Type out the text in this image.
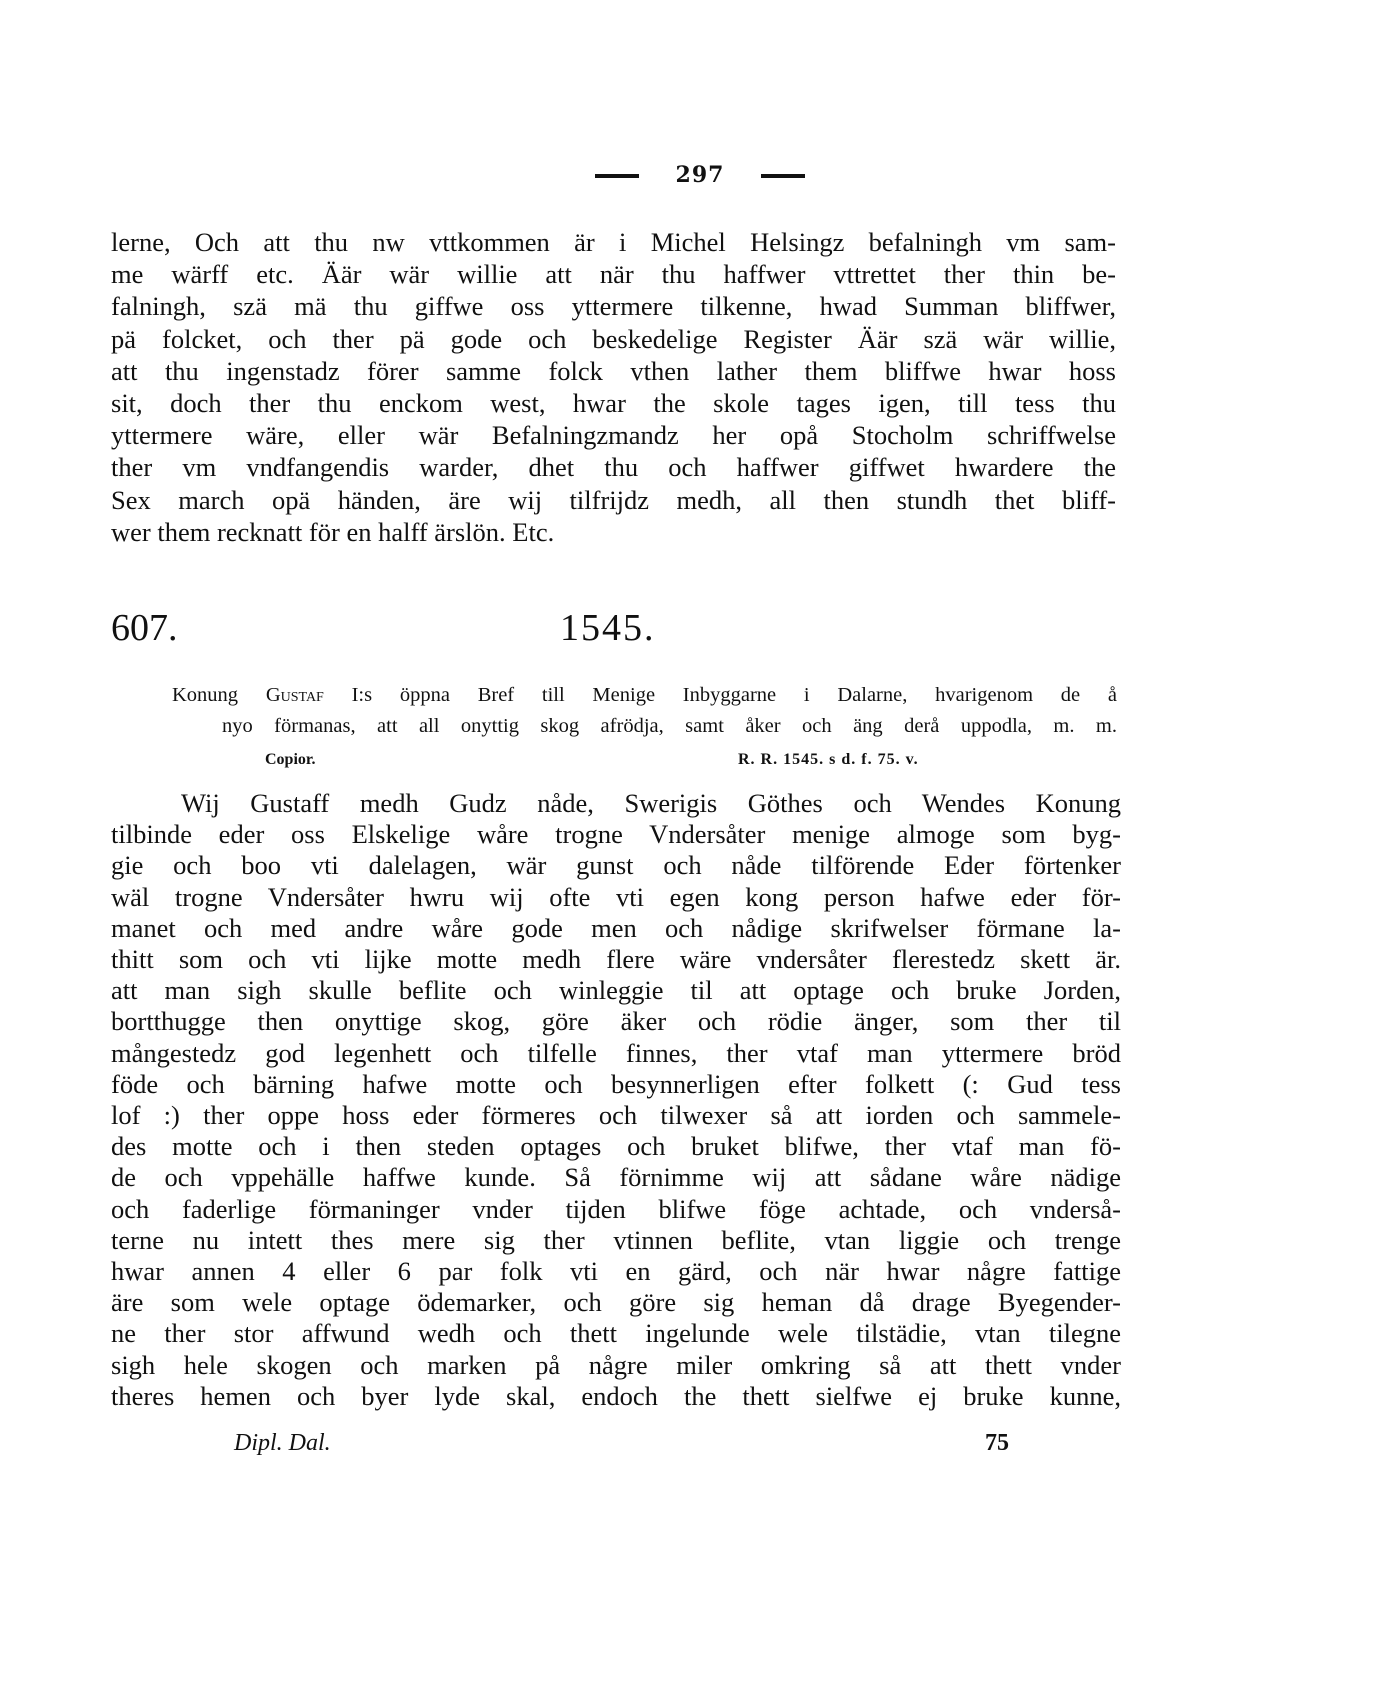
297
lerne, Och att thu nw vttkommen är i Michel Helsingz befalningh vm sam-
me wärff etc. Äär wär willie att när thu haffwer vttrettet ther thin be-
falningh, szä mä thu giffwe oss yttermere tilkenne, hwad Summan bliffwer,
pä folcket, och ther pä gode och beskedelige Register Äär szä wär willie,
att thu ingenstadz förer samme folck vthen lather them bliffwe hwar hoss
sit, doch ther thu enckom west, hwar the skole tages igen, till tess thu
yttermere wäre, eller wär Befalningzmandz her opå Stocholm schriffwelse
ther vm vndfangendis warder, dhet thu och haffwer giffwet hwardere the
Sex march opä händen, äre wij tilfrijdz medh, all then stundh thet bliff-
wer them recknatt för en halff ärslön. Etc.
607.	1545.
Konung Gustaf I:s öppna Bref till Menige Inbyggarne i Dalarne, hvarigenom de å
nyo förmanas, att all onyttig skog afrödja, samt åker och äng derå uppodla, m. m.
Copior.	R. R. 1545. s d. f. 75. v.
Wij Gustaff medh Gudz nåde, Swerigis Göthes och Wendes Konung
tilbinde eder oss Elskelige wåre trogne Vndersåter menige almoge som byg-
gie och boo vti dalelagen, wär gunst och nåde tilförende Eder förtenker
wäl trogne Vndersåter hwru wij ofte vti egen kong person hafwe eder för-
manet och med andre wåre gode men och nådige skrifwelser förmane la-
thitt som och vti lijke motte medh flere wäre vndersåter flerestedz skett är.
att man sigh skulle beflite och winleggie til att optage och bruke Jorden,
bortthugge then onyttige skog, göre äker och rödie änger, som ther til
mångestedz god legenhett och tilfelle finnes, ther vtaf man yttermere bröd
föde och bärning hafwe motte och besynnerligen efter folkett (: Gud tess
lof :) ther oppe hoss eder förmeres och tilwexer så att iorden och sammele-
des motte och i then steden optages och bruket blifwe, ther vtaf man fö-
de och vppehälle haffwe kunde. Så förnimme wij att sådane wåre nädige
och faderlige förmaninger vnder tijden blifwe föge achtade, och vnderså-
terne nu intett thes mere sig ther vtinnen beflite, vtan liggie och trenge
hwar annen 4 eller 6 par folk vti en gärd, och när hwar någre fattige
äre som wele optage ödemarker, och göre sig heman då drage Byegender-
ne ther stor affwund wedh och thett ingelunde wele tilstädie, vtan tilegne
sigh hele skogen och marken på någre miler omkring så att thett vnder
theres hemen och byer lyde skal, endoch the thett sielfwe ej bruke kunne,
Dipl. Dal.	75
